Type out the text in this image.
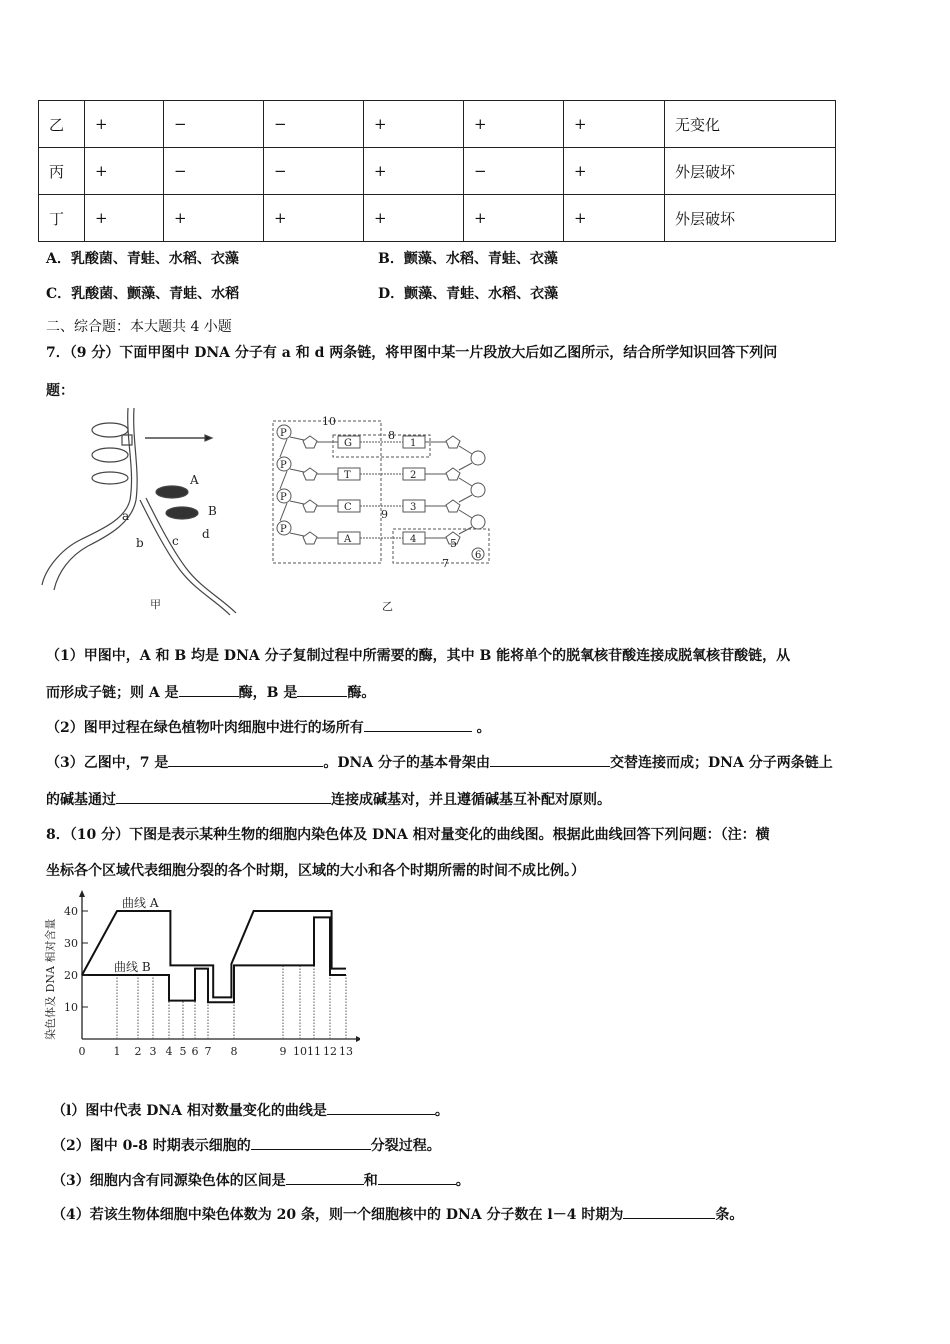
乙	+	−	−	+	+	+	无变化
丙	+	−	−	+	−	+	外层破坏
丁	+	+	+	+	+	+	外层破坏
A．乳酸菌、青蛙、水稻、衣藻	B．颤藻、水稻、青蛙、衣藻
C．乳酸菌、颤藻、青蛙、水稻	D．颤藻、青蛙、水稻、衣藻
二、综合题：本大题共 4 小题
7．（9 分）下面甲图中 DNA 分子有 a 和 d 两条链，将甲图中某一片段放大后如乙图所示，结合所学知识回答下列问
题：
A
B
a
b c d
甲
P
G	1
P
T	2
P
C	3
P
A	4
10
8
9
5
6
7
乙
（1）甲图中，A 和 B 均是 DNA 分子复制过程中所需要的酶，其中 B 能将单个的脱氧核苷酸连接成脱氧核苷酸链，从
而形成子链；则 A 是	酶，B 是	酶。
（2）图甲过程在绿色植物叶肉细胞中进行的场所有	。
（3）乙图中，7 是	。DNA 分子的基本骨架由	交替连接而成；DNA 分子两条链上
的碱基通过	连接成碱基对，并且遵循碱基互补配对原则。
8．（10 分）下图是表示某种生物的细胞内染色体及 DNA 相对量变化的曲线图。根据此曲线回答下列问题：（注：横
坐标各个区域代表细胞分裂的各个时期，区域的大小和各个时期所需的时间不成比例。）
10
20
30
40
0	1 2 3 4 5 6 7 8	9 10 11 12 13
染色体及 DNA 相对含量
曲线 A
曲线 B
（l）图中代表 DNA 相对数量变化的曲线是	。
（2）图中 0-8 时期表示细胞的	分裂过程。
（3）细胞内含有同源染色体的区间是	和	。
（4）若该生物体细胞中染色体数为 20 条，则一个细胞核中的 DNA 分子数在 l－4 时期为	条。
